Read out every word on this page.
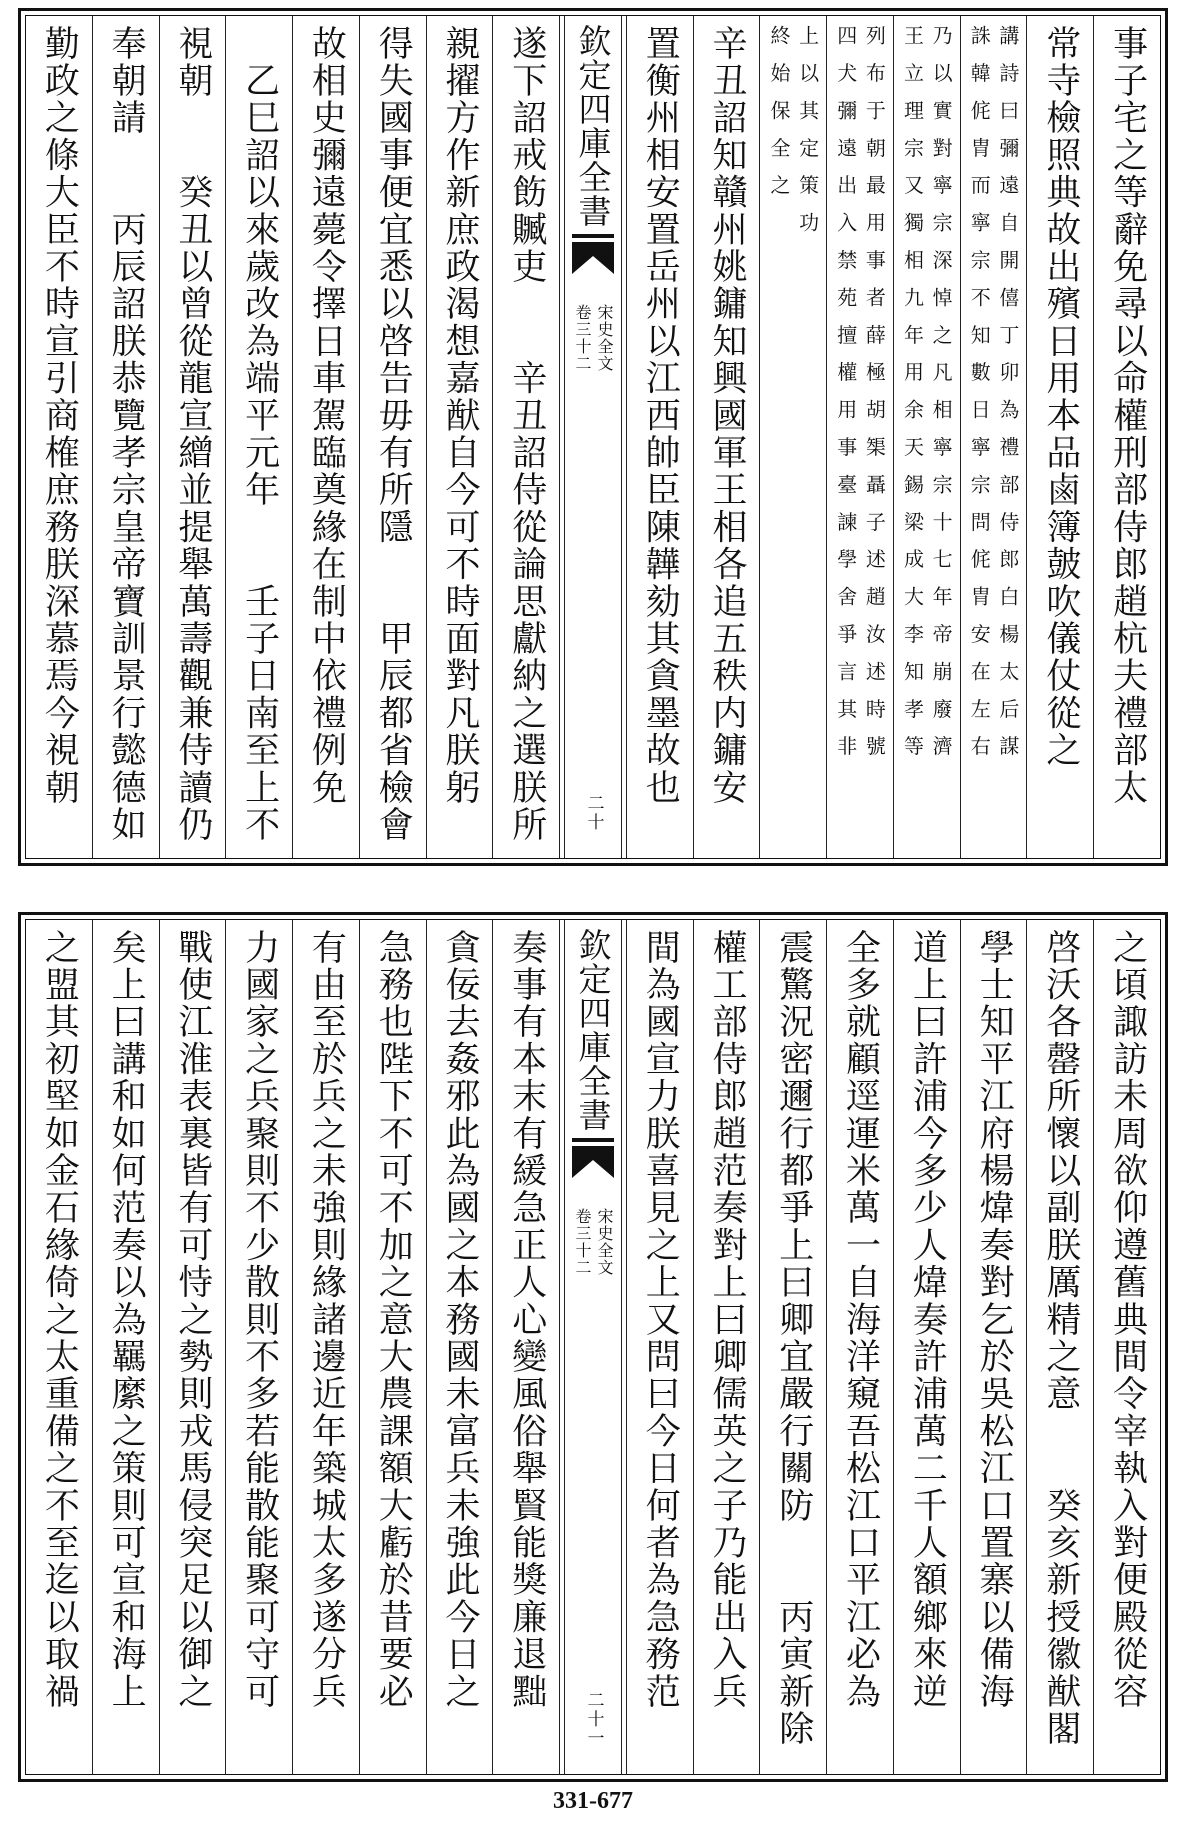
事子宅之等辭免尋以命權刑部侍郎趙杭夫禮部太
常寺檢照典故出殯日用本品鹵簿皷吹儀仗從之
講詩曰彌遠自開僖丁卯為禮部侍郎白楊太后謀
誅韓侂胄而寧宗不知數日寧宗問侂胄安在左右
乃以實對寧宗深悼之凡相寧宗十七年帝崩廢濟
王立理宗又獨相九年用余天錫梁成大李知孝等
列布于朝最用事者薛極胡榘聶子述趙汝述時號
四犬彌遠出入禁苑擅權用事臺諫學舍爭言其非
上以其定策功
終始保全之
辛丑詔知贛州姚鏞知興國軍王相各追五秩内鏞安
置衡州相安置岳州以江西帥臣陳韡劾其貪墨故也
欽定四庫全書
宋史全文
卷三十二
二十
遂下詔戒飭贓吏　　辛丑詔侍從論思獻納之選朕所
親擢方作新庶政渴想嘉猷自今可不時面對凡朕躬
得失國事便宜悉以啓告毋有所隱　　甲辰都省檢會
故相史彌遠薨令擇日車駕臨奠緣在制中依禮例免
　乙巳詔以來歲改為端平元年　　壬子日南至上不
視朝　　癸丑以曾從龍宣繒並提舉萬壽觀兼侍讀仍
奉朝請　　丙辰詔朕恭覽孝宗皇帝寶訓景行懿德如
勤政之條大臣不時宣引商榷庶務朕深慕焉今視朝
之頃諏訪未周欲仰遵舊典間令宰執入對便殿從容
啓沃各罄所懷以副朕厲精之意　　癸亥新授徽猷閣
學士知平江府楊煒奏對乞於吳松江口置寨以備海
道上曰許浦今多少人煒奏許浦萬二千人額鄉來逆
全多就顧逕運米萬一自海洋窺吾松江口平江必為
震驚況密邇行都爭上曰卿宜嚴行關防　　丙寅新除
權工部侍郎趙范奏對上曰卿儒英之子乃能出入兵
間為國宣力朕喜見之上又問曰今日何者為急務范
欽定四庫全書
宋史全文
卷三十二
二十一
奏事有本末有緩急正人心變風俗舉賢能獎廉退黜
貪佞去姦邪此為國之本務國未富兵未強此今日之
急務也陛下不可不加之意大農課額大虧於昔要必
有由至於兵之未強則緣諸邊近年築城太多遂分兵
力國家之兵聚則不少散則不多若能散能聚可守可
戰使江淮表裏皆有可恃之勢則戎馬侵突足以御之
矣上曰講和如何范奏以為羈縻之策則可宣和海上
之盟其初堅如金石緣倚之太重備之不至迄以取禍
331-677
